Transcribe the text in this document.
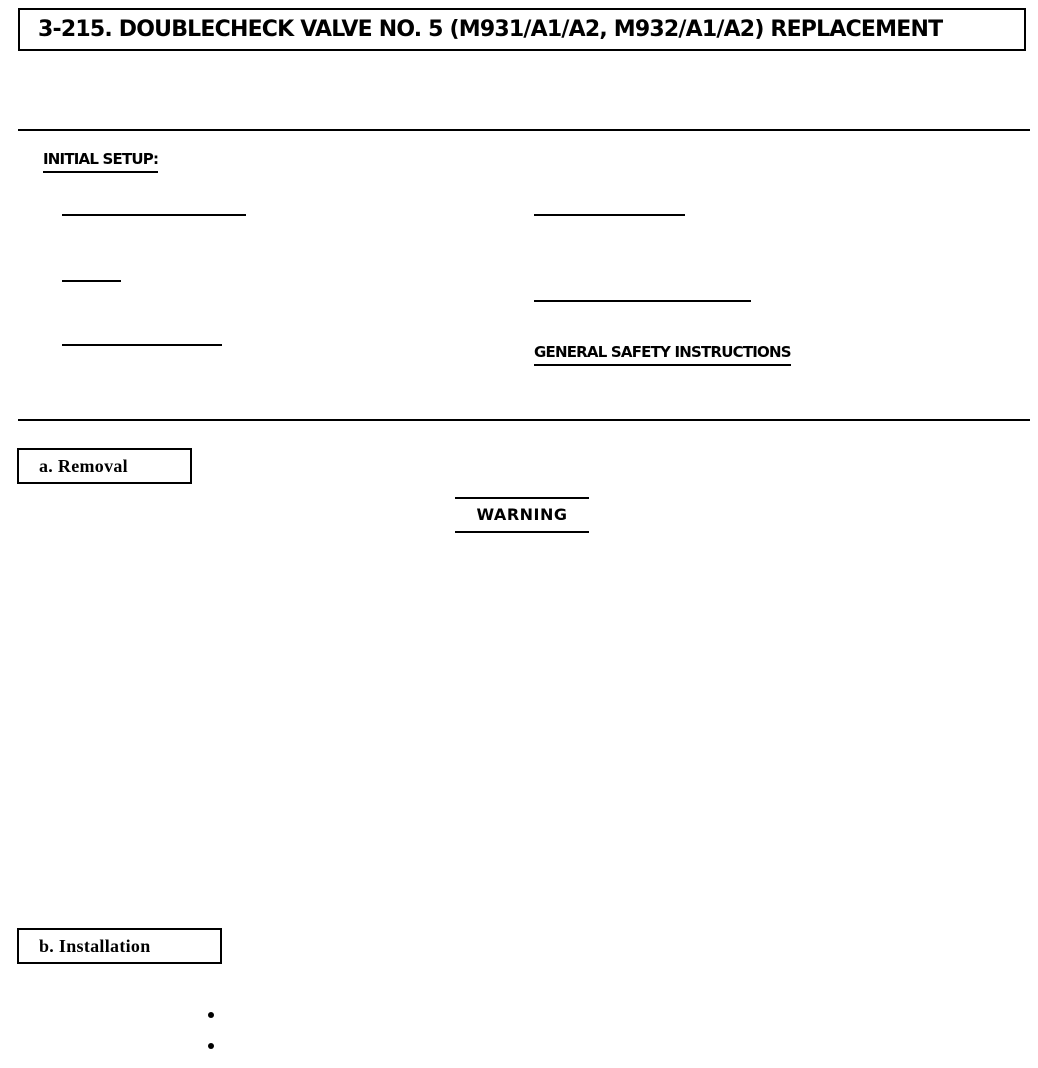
3-215. DOUBLECHECK VALVE NO. 5 (M931/A1/A2, M932/A1/A2) REPLACEMENT
INITIAL SETUP:
GENERAL SAFETY INSTRUCTIONS
a. Removal
WARNING
b. Installation
